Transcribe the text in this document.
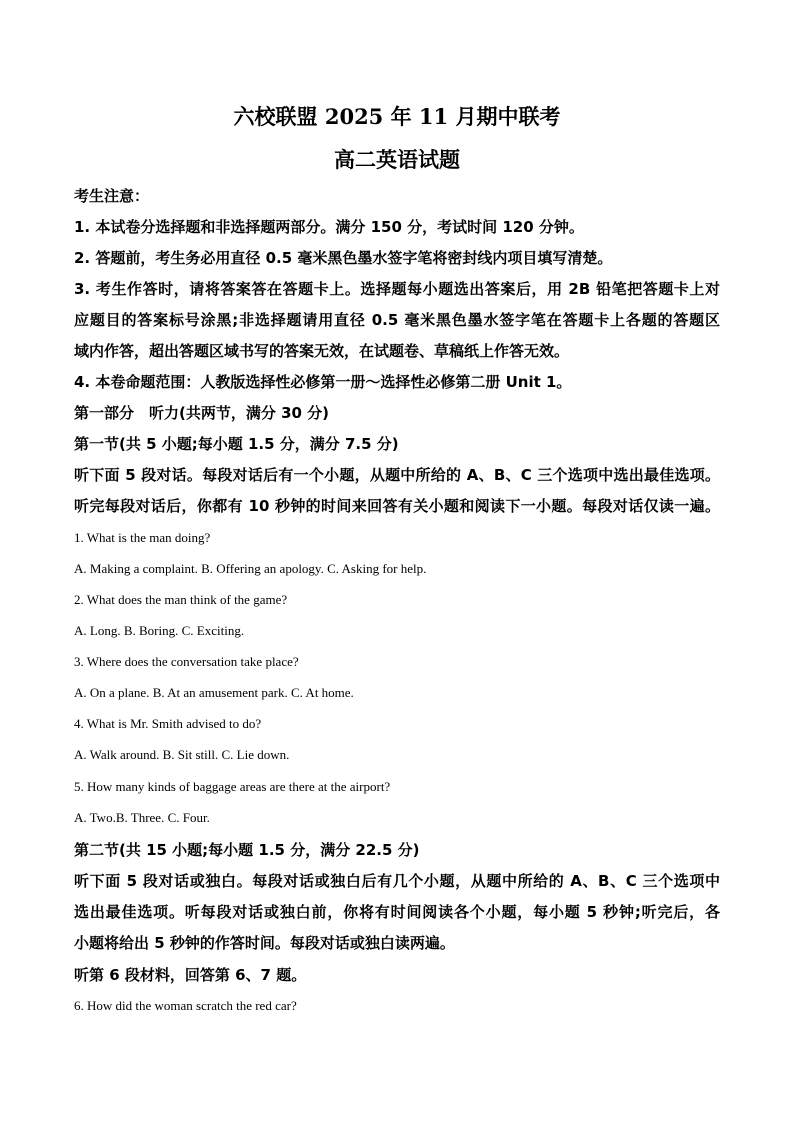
六校联盟 2025 年 11 月期中联考
高二英语试题
考生注意：
1. 本试卷分选择题和非选择题两部分。满分 150 分，考试时间 120 分钟。
2. 答题前，考生务必用直径 0.5 毫米黑色墨水签字笔将密封线内项目填写清楚。
3. 考生作答时，请将答案答在答题卡上。选择题每小题选出答案后，用 2B 铅笔把答题卡上对
应题目的答案标号涂黑;非选择题请用直径 0.5 毫米黑色墨水签字笔在答题卡上各题的答题区
域内作答，超出答题区域书写的答案无效，在试题卷、草稿纸上作答无效。
4. 本卷命题范围：人教版选择性必修第一册～选择性必修第二册 Unit 1。
第一部分　听力(共两节，满分 30 分)
第一节(共 5 小题;每小题 1.5 分，满分 7.5 分)
听下面 5 段对话。每段对话后有一个小题，从题中所给的 A、B、C 三个选项中选出最佳选项。
听完每段对话后，你都有 10 秒钟的时间来回答有关小题和阅读下一小题。每段对话仅读一遍。
1. What is the man doing?
A. Making a complaint. B. Offering an apology. C. Asking for help.
2. What does the man think of the game?
A. Long. B. Boring. C. Exciting.
3. Where does the conversation take place?
A. On a plane. B. At an amusement park. C. At home.
4. What is Mr. Smith advised to do?
A. Walk around. B. Sit still. C. Lie down.
5. How many kinds of baggage areas are there at the airport?
A. Two.B. Three. C. Four.
第二节(共 15 小题;每小题 1.5 分，满分 22.5 分)
听下面 5 段对话或独白。每段对话或独白后有几个小题，从题中所给的 A、B、C 三个选项中
选出最佳选项。听每段对话或独白前，你将有时间阅读各个小题，每小题 5 秒钟;听完后，各
小题将给出 5 秒钟的作答时间。每段对话或独白读两遍。
听第 6 段材料，回答第 6、7 题。
6. How did the woman scratch the red car?
